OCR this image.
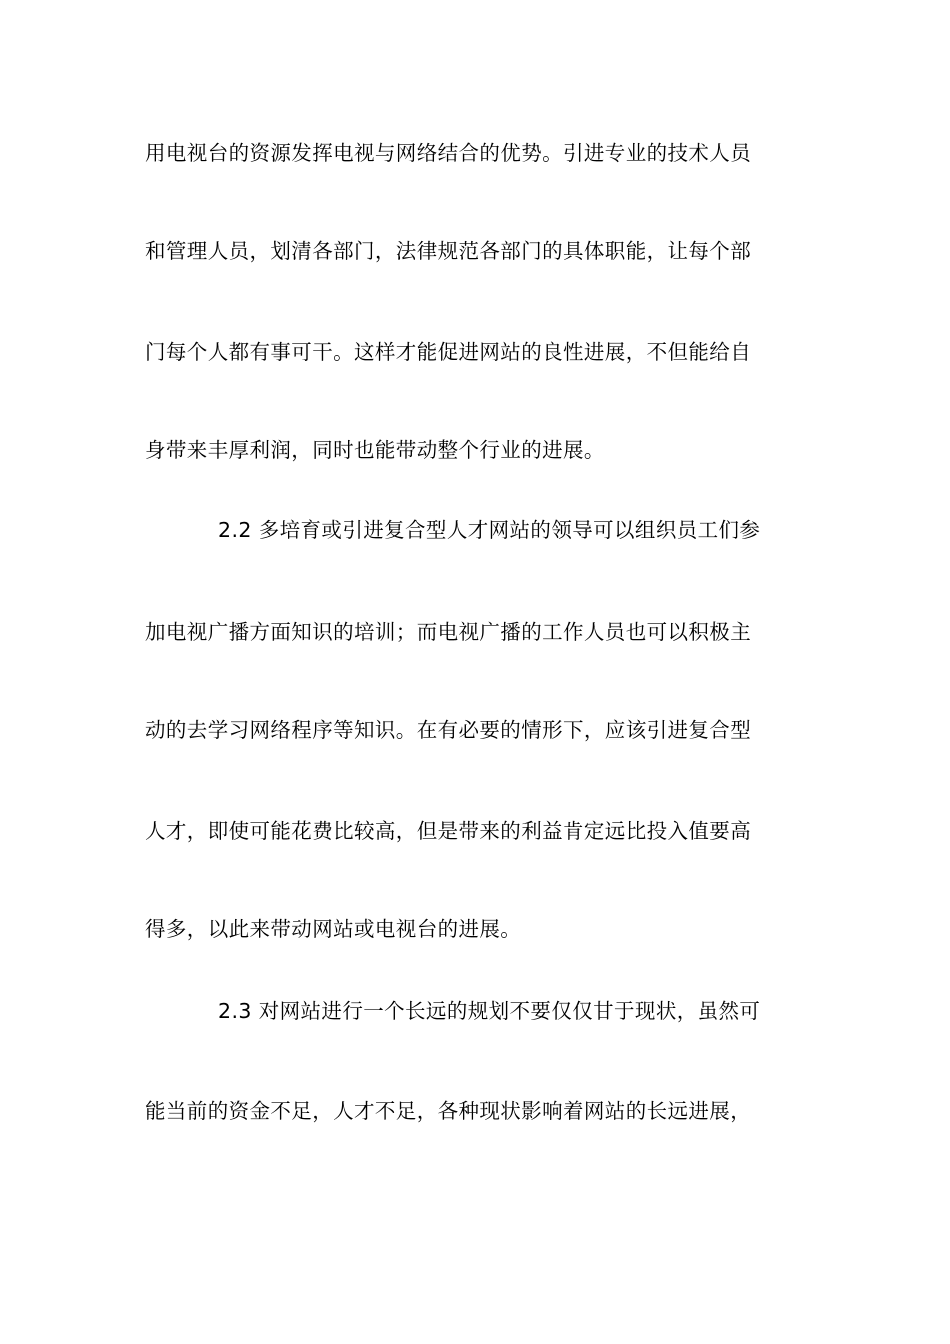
用电视台的资源发挥电视与网络结合的优势。引进专业的技术人员
和管理人员，划清各部门，法律规范各部门的具体职能，让每个部
门每个人都有事可干。这样才能促进网站的良性进展，不但能给自
身带来丰厚利润，同时也能带动整个行业的进展。
2.2 多培育或引进复合型人才网站的领导可以组织员工们参
加电视广播方面知识的培训；而电视广播的工作人员也可以积极主
动的去学习网络程序等知识。在有必要的情形下，应该引进复合型
人才，即使可能花费比较高，但是带来的利益肯定远比投入值要高
得多，以此来带动网站或电视台的进展。
2.3 对网站进行一个长远的规划不要仅仅甘于现状，虽然可
能当前的资金不足，人才不足，各种现状影响着网站的长远进展，
